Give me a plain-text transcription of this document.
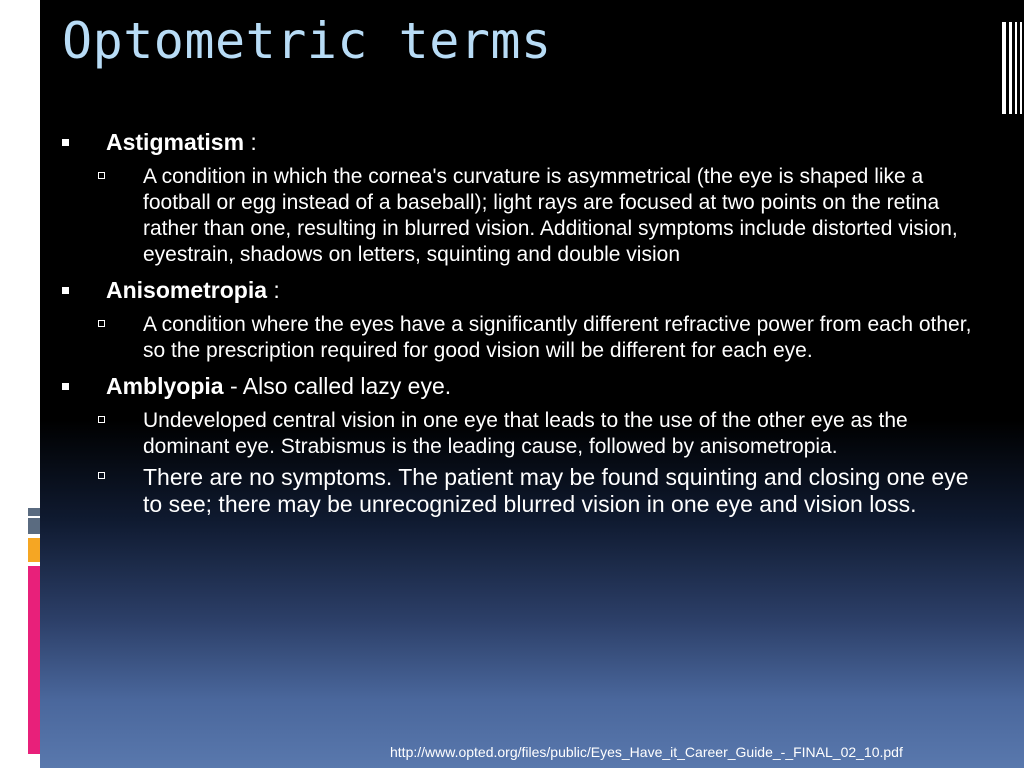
Optometric terms
Astigmatism :
A condition in which the cornea's curvature is asymmetrical (the eye is shaped like a football or egg instead of a baseball); light rays are focused at two points on the retina rather than one, resulting in blurred vision. Additional symptoms include distorted vision, eyestrain, shadows on letters, squinting and double vision
Anisometropia :
A condition where the eyes have a significantly different refractive power from each other, so the prescription required for good vision will be different for each eye.
Amblyopia - Also called lazy eye.
Undeveloped central vision in one eye that leads to the use of the other eye as the dominant eye. Strabismus is the leading cause, followed by anisometropia.
There are no symptoms. The patient may be found squinting and closing one eye to see; there may be unrecognized blurred vision in one eye and vision loss.
http://www.opted.org/files/public/Eyes_Have_it_Career_Guide_-_FINAL_02_10.pdf
